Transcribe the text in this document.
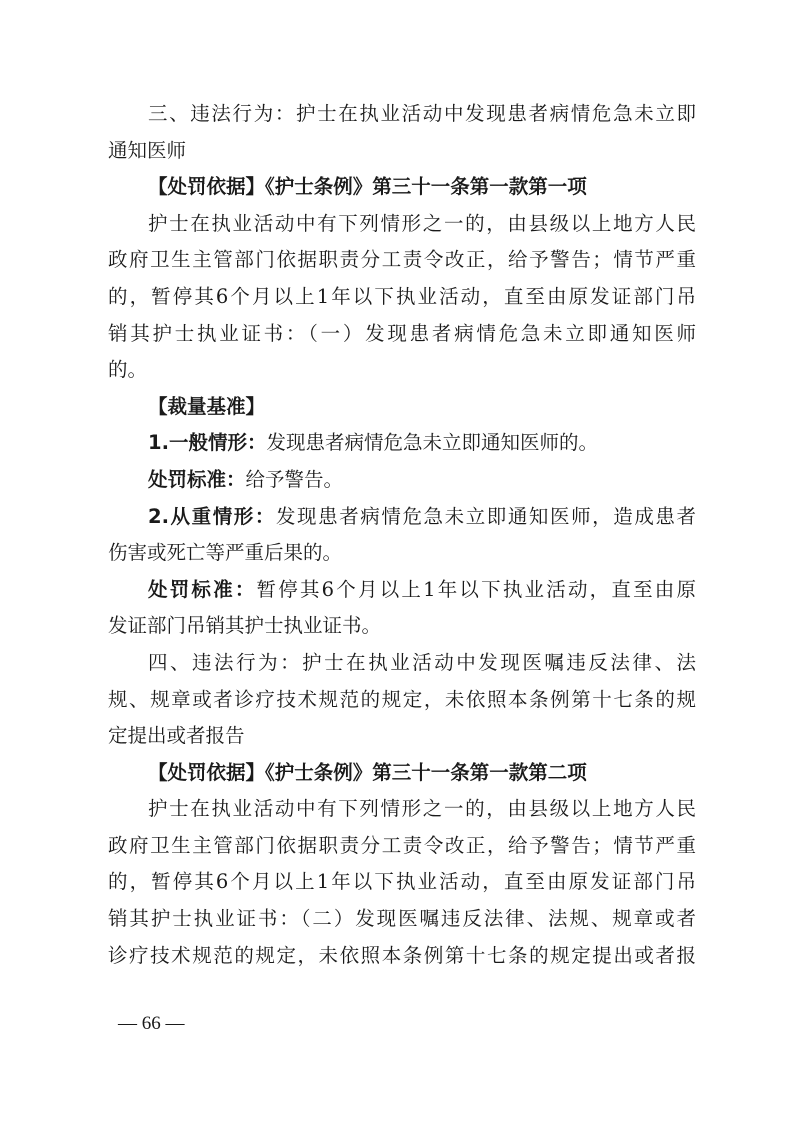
三、违法行为：护士在执业活动中发现患者病情危急未立即
通知医师
【处罚依据】《护士条例》第三十一条第一款第一项
护士在执业活动中有下列情形之一的，由县级以上地方人民
政府卫生主管部门依据职责分工责令改正，给予警告；情节严重
的，暂停其6个月以上1年以下执业活动，直至由原发证部门吊
销其护士执业证书：（一）发现患者病情危急未立即通知医师
的。
【裁量基准】
1.一般情形：发现患者病情危急未立即通知医师的。
处罚标准：给予警告。
2.从重情形：发现患者病情危急未立即通知医师，造成患者
伤害或死亡等严重后果的。
处罚标准：暂停其6个月以上1年以下执业活动，直至由原
发证部门吊销其护士执业证书。
四、违法行为：护士在执业活动中发现医嘱违反法律、法
规、规章或者诊疗技术规范的规定，未依照本条例第十七条的规
定提出或者报告
【处罚依据】《护士条例》第三十一条第一款第二项
护士在执业活动中有下列情形之一的，由县级以上地方人民
政府卫生主管部门依据职责分工责令改正，给予警告；情节严重
的，暂停其6个月以上1年以下执业活动，直至由原发证部门吊
销其护士执业证书：（二）发现医嘱违反法律、法规、规章或者
诊疗技术规范的规定，未依照本条例第十七条的规定提出或者报
— 66 —
